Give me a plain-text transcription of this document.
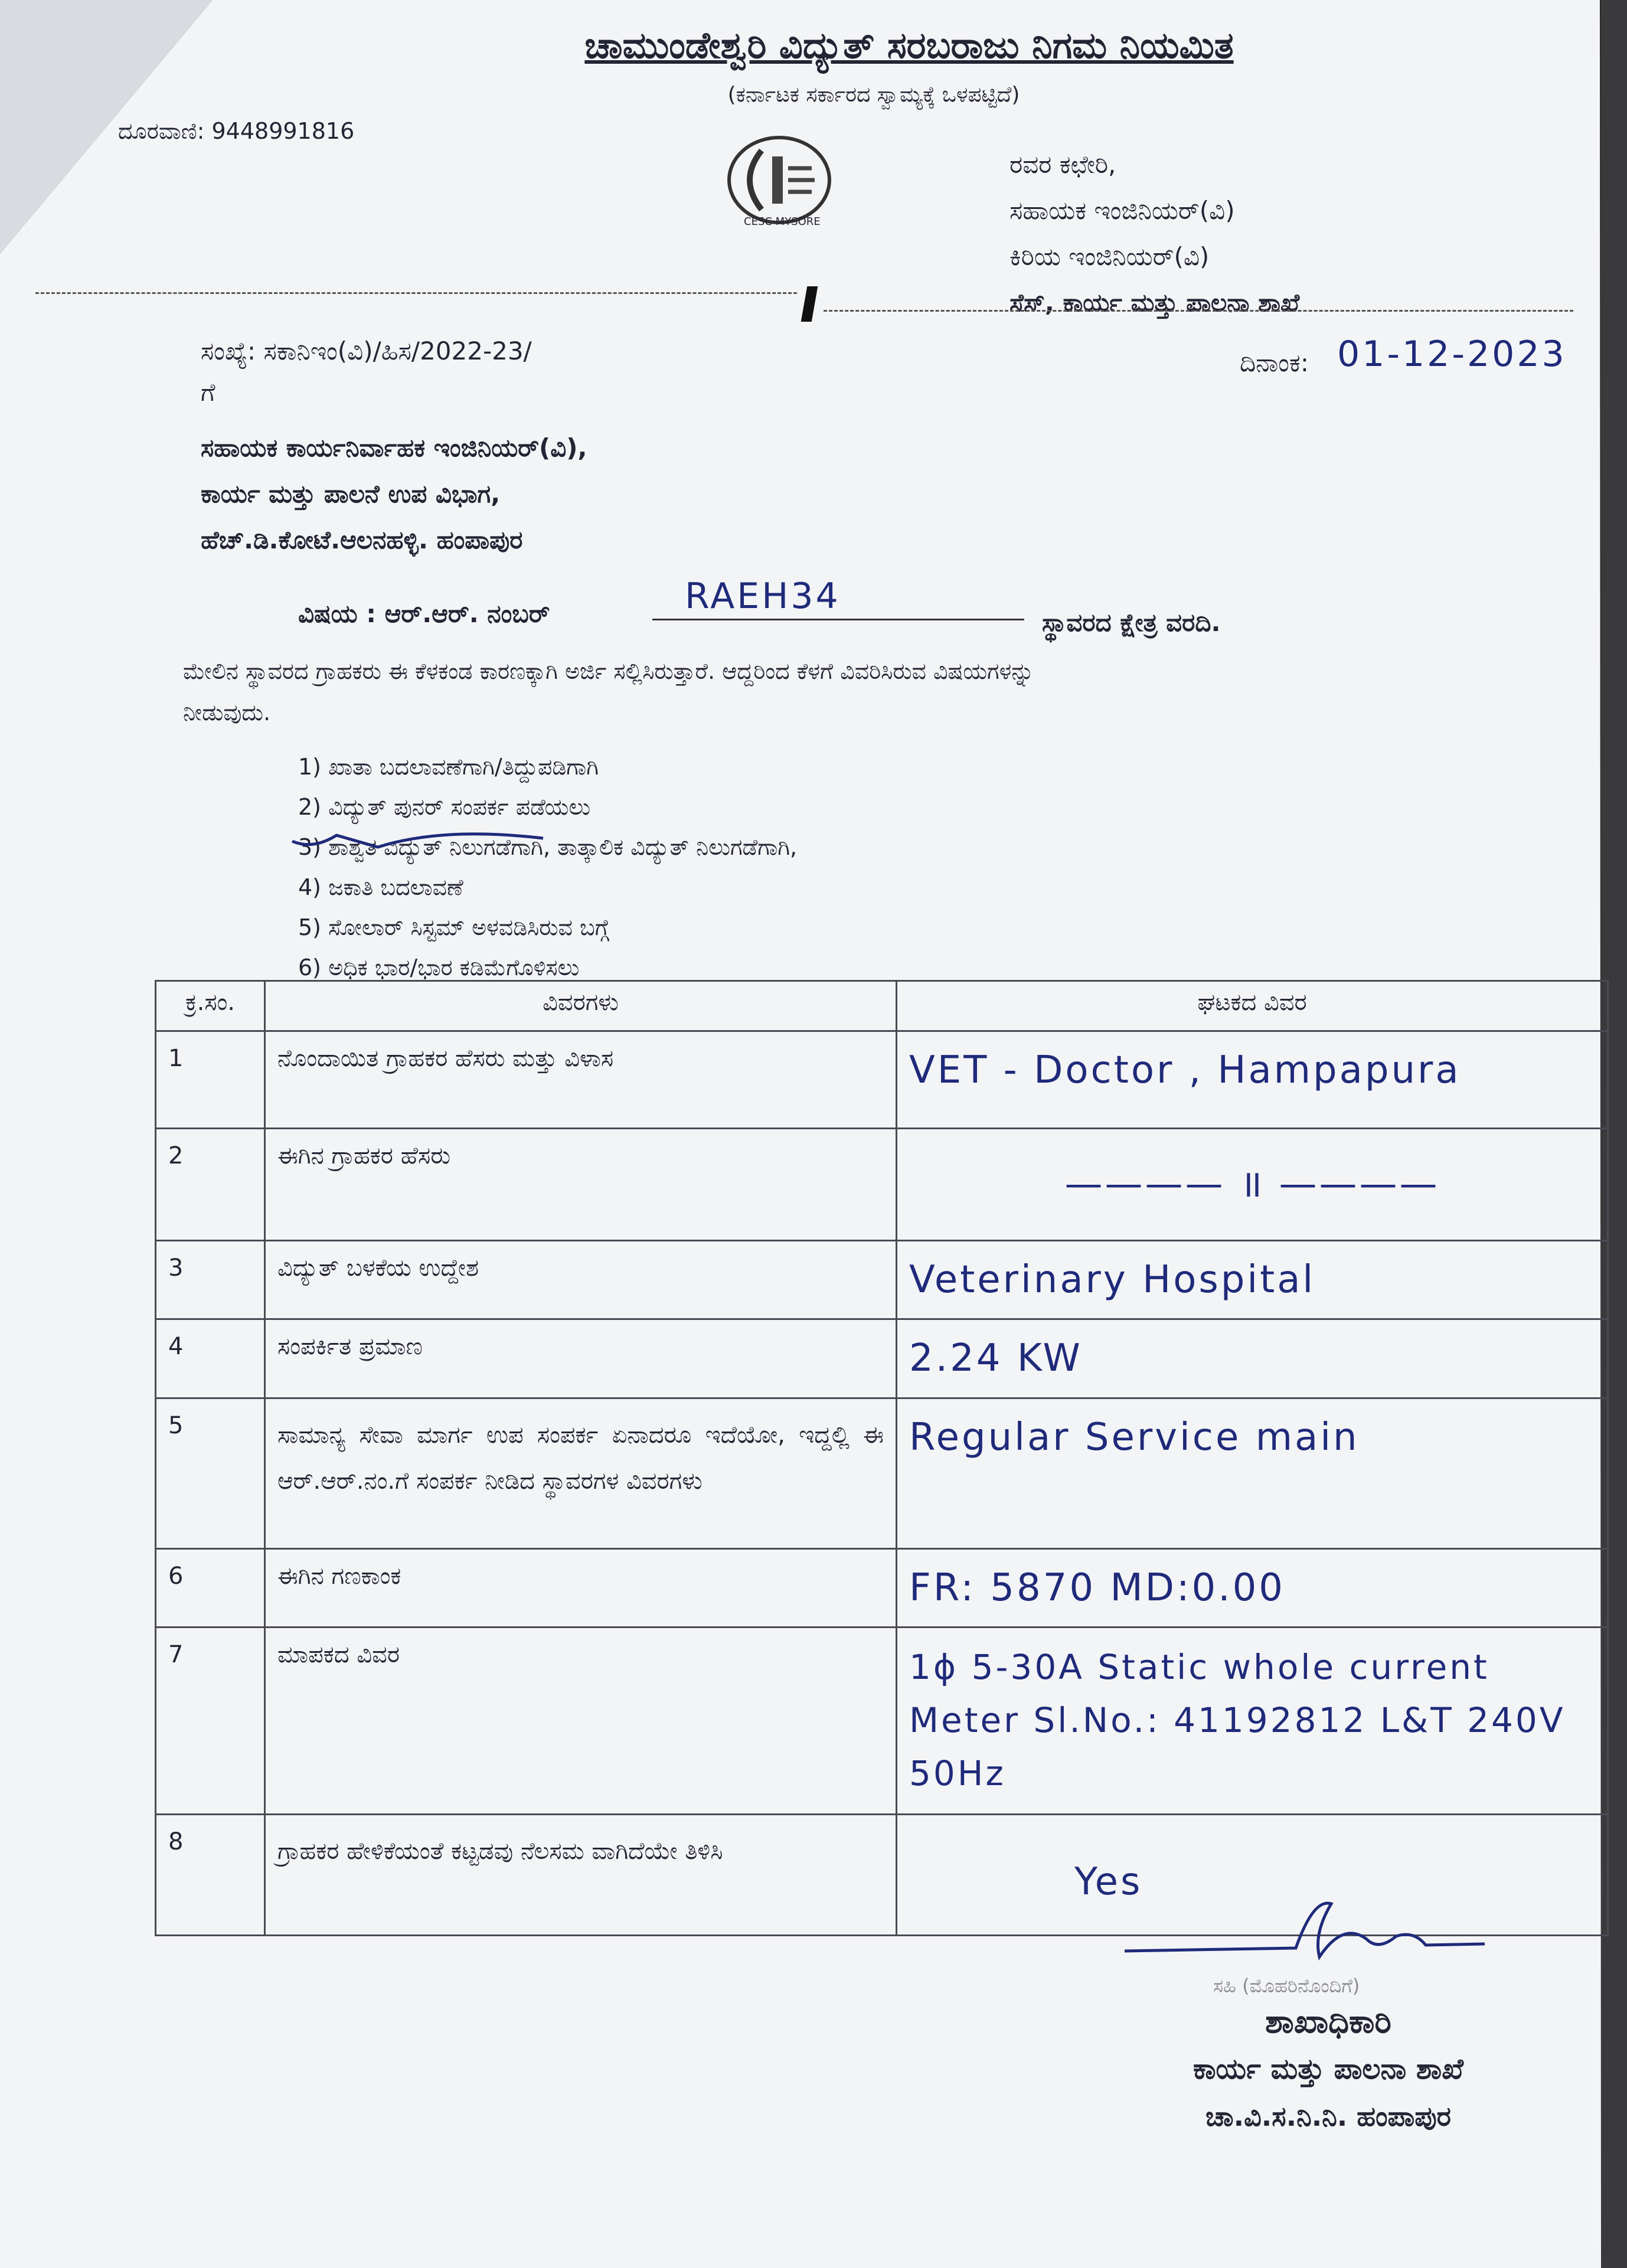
ಚಾಮುಂಡೇಶ್ವರಿ ವಿದ್ಯುತ್ ಸರಬರಾಜು ನಿಗಮ ನಿಯಮಿತ
(ಕರ್ನಾಟಕ ಸರ್ಕಾರದ ಸ್ವಾಮ್ಯಕ್ಕೆ ಒಳಪಟ್ಟಿದೆ)
ದೂರವಾಣಿ: 9448991816
CESC MYSORE
ರವರ ಕಛೇರಿ,
ಸಹಾಯಕ ಇಂಜಿನಿಯರ್(ವಿ)
ಕಿರಿಯ ಇಂಜಿನಿಯರ್(ವಿ)
ಸೆಸ್, ಕಾರ್ಯ ಮತ್ತು ಪಾಲನಾ ಶಾಖೆ
ಸಂಖ್ಯೆ: ಸಕಾನಿಇಂ(ವಿ)/ಹಿಸ/2022-23/	ದಿನಾಂಕ: 01-12-2023
ಗೆ
ಸಹಾಯಕ ಕಾರ್ಯನಿರ್ವಾಹಕ ಇಂಜಿನಿಯರ್(ವಿ),
ಕಾರ್ಯ ಮತ್ತು ಪಾಲನೆ ಉಪ ವಿಭಾಗ,
ಹೆಚ್.ಡಿ.ಕೋಟೆ.ಆಲನಹಳ್ಳಿ. ಹಂಪಾಪುರ
ವಿಷಯ : ಆರ್.ಆರ್. ನಂಬರ್	RAEH34
ಸ್ಥಾವರದ ಕ್ಷೇತ್ರ ವರದಿ.
ಮೇಲಿನ ಸ್ಥಾವರದ ಗ್ರಾಹಕರು ಈ ಕೆಳಕಂಡ ಕಾರಣಕ್ಕಾಗಿ ಅರ್ಜಿ ಸಲ್ಲಿಸಿರುತ್ತಾರೆ. ಆದ್ದರಿಂದ ಕೆಳಗೆ ವಿವರಿಸಿರುವ ವಿಷಯಗಳನ್ನು
ನೀಡುವುದು.
1) ಖಾತಾ ಬದಲಾವಣೆಗಾಗಿ/ತಿದ್ದುಪಡಿಗಾಗಿ
2) ವಿದ್ಯುತ್ ಪುನರ್ ಸಂಪರ್ಕ ಪಡೆಯಲು
3) ಶಾಶ್ವತ ವಿದ್ಯುತ್ ನಿಲುಗಡೆಗಾಗಿ, ತಾತ್ಕಾಲಿಕ ವಿದ್ಯುತ್ ನಿಲುಗಡೆಗಾಗಿ,
4) ಜಕಾತಿ ಬದಲಾವಣೆ
5) ಸೋಲಾರ್ ಸಿಸ್ಟಮ್ ಅಳವಡಿಸಿರುವ ಬಗ್ಗೆ
6) ಅಧಿಕ ಭಾರ/ಭಾರ ಕಡಿಮೆಗೊಳಿಸಲು
ಕ್ರ.ಸಂ.	ವಿವರಗಳು	ಘಟಕದ ವಿವರ
1	ನೊಂದಾಯಿತ ಗ್ರಾಹಕರ ಹೆಸರು ಮತ್ತು ವಿಳಾಸ	VET - Doctor , Hampapura
2	ಈಗಿನ ಗ್ರಾಹಕರ ಹೆಸರು	———— ॥ ————
3	ವಿದ್ಯುತ್ ಬಳಕೆಯ ಉದ್ದೇಶ	Veterinary Hospital
4	ಸಂಪರ್ಕಿತ ಪ್ರಮಾಣ	2.24 KW
5	ಸಾಮಾನ್ಯ ಸೇವಾ ಮಾರ್ಗ ಉಪ ಸಂಪರ್ಕ ಏನಾದರೂ ಇದೆಯೋ, ಇದ್ದಲ್ಲಿ ಈ ಆರ್.ಆರ್.ನಂ.ಗೆ ಸಂಪರ್ಕ ನೀಡಿದ ಸ್ಥಾವರಗಳ ವಿವರಗಳು	Regular Service main
6	ಈಗಿನ ಗಣಕಾಂಕ	FR: 5870 MD:0.00
7	ಮಾಪಕದ ವಿವರ	1ϕ 5-30A Static whole current Meter Sl.No.: 41192812 L&T 240V 50Hz
8	ಗ್ರಾಹಕರ ಹೇಳಿಕೆಯಂತೆ ಕಟ್ಟಡವು ನೆಲಸಮ ವಾಗಿದೆಯೇ ತಿಳಿಸಿ	Yes
ಸಹಿ (ಮೊಹರಿನೊಂದಿಗೆ)
ಶಾಖಾಧಿಕಾರಿ
ಕಾರ್ಯ ಮತ್ತು ಪಾಲನಾ ಶಾಖೆ
ಚಾ.ವಿ.ಸ.ನಿ.ನಿ. ಹಂಪಾಪುರ
